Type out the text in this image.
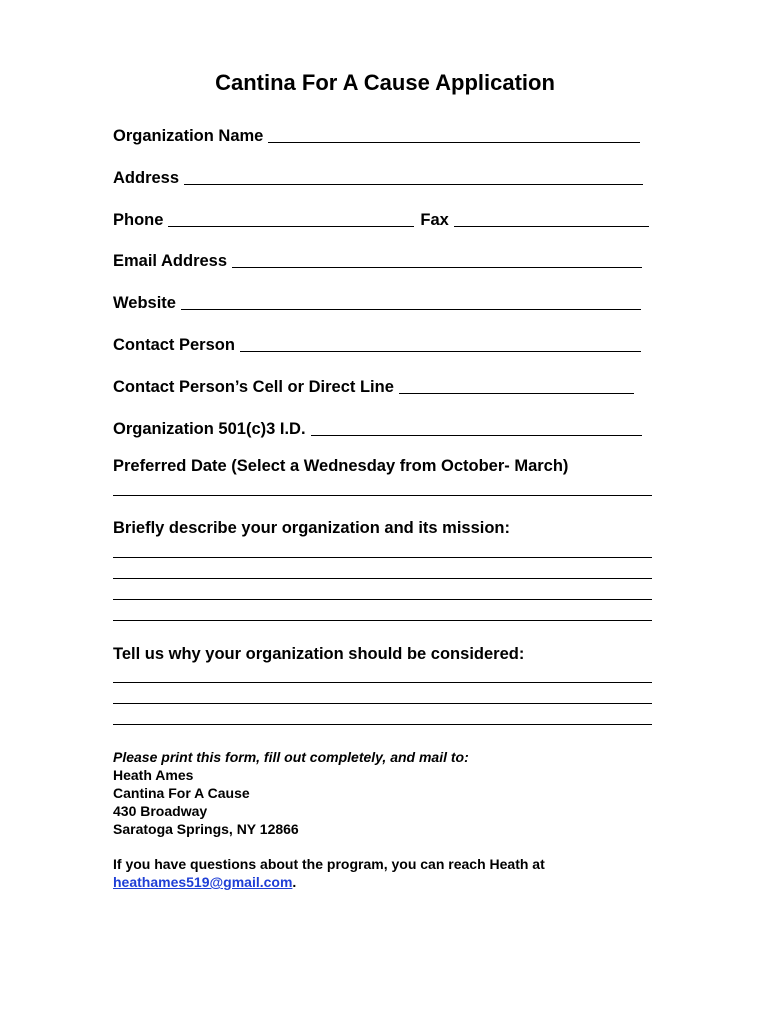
Cantina For A Cause Application
Organization Name
Address
Phone	Fax
Email Address
Website
Contact Person
Contact Person’s Cell or Direct Line
Organization 501(c)3 I.D.
Preferred Date (Select a Wednesday from October- March)
Briefly describe your organization and its mission:
Tell us why your organization should be considered:
Please print this form, fill out completely, and mail to:
Heath Ames
Cantina For A Cause
430 Broadway
Saratoga Springs, NY 12866
If you have questions about the program, you can reach Heath at
heathames519@gmail.com.
